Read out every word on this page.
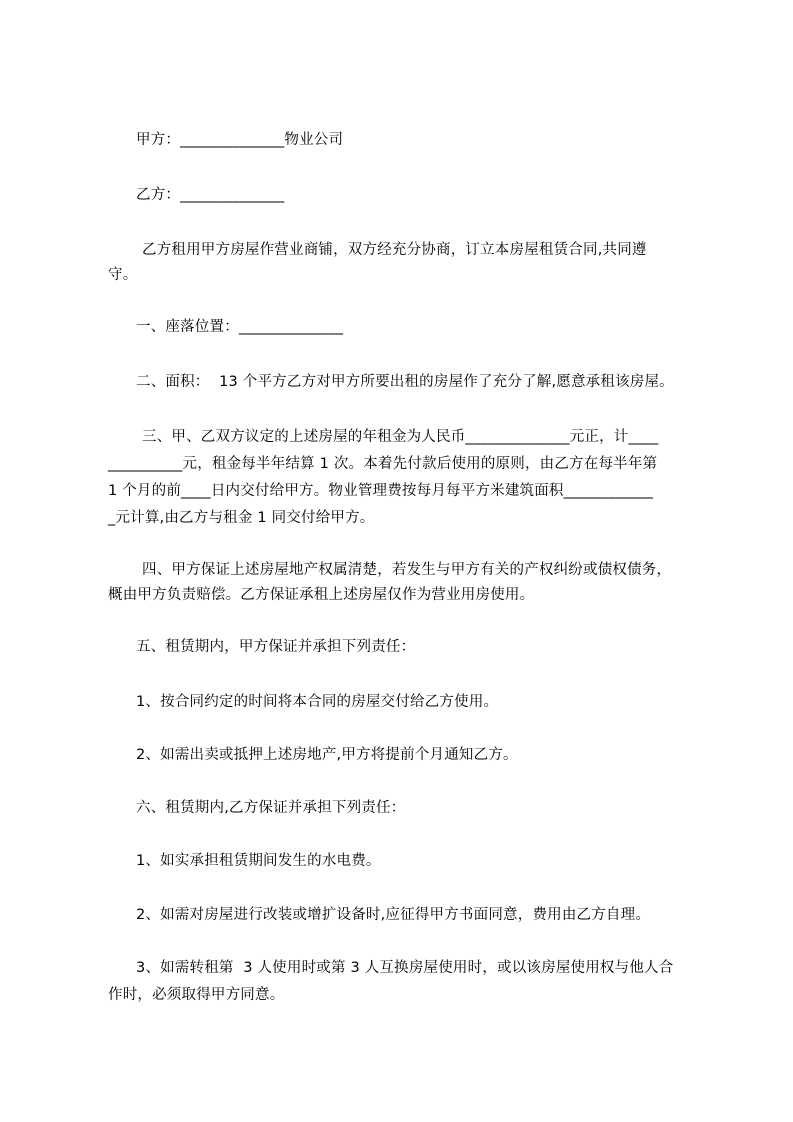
甲方：______________物业公司
乙方：______________
乙方租用甲方房屋作营业商铺，双方经充分协商，订立本房屋租赁合同,共同遵
守。
一、座落位置：______________
二、面积：  13 个平方乙方对甲方所要出租的房屋作了充分了解,愿意承租该房屋。
三、甲、乙双方议定的上述房屋的年租金为人民币______________元正，计____
__________元，租金每半年结算 1 次。本着先付款后使用的原则，由乙方在每半年第
1 个月的前____日内交付给甲方。物业管理费按每月每平方米建筑面积____________
_元计算,由乙方与租金 1 同交付给甲方。
四、甲方保证上述房屋地产权属清楚，若发生与甲方有关的产权纠纷或债权债务，
概由甲方负责赔偿。乙方保证承租上述房屋仅作为营业用房使用。
五、租赁期内，甲方保证并承担下列责任：
1、按合同约定的时间将本合同的房屋交付给乙方使用。
2、如需出卖或抵押上述房地产,甲方将提前个月通知乙方。
六、租赁期内,乙方保证并承担下列责任：
1、如实承担租赁期间发生的水电费。
2、如需对房屋进行改装或增扩设备时,应征得甲方书面同意，费用由乙方自理。
3、如需转租第  3 人使用时或第 3 人互换房屋使用时，或以该房屋使用权与他人合
作时，必须取得甲方同意。
